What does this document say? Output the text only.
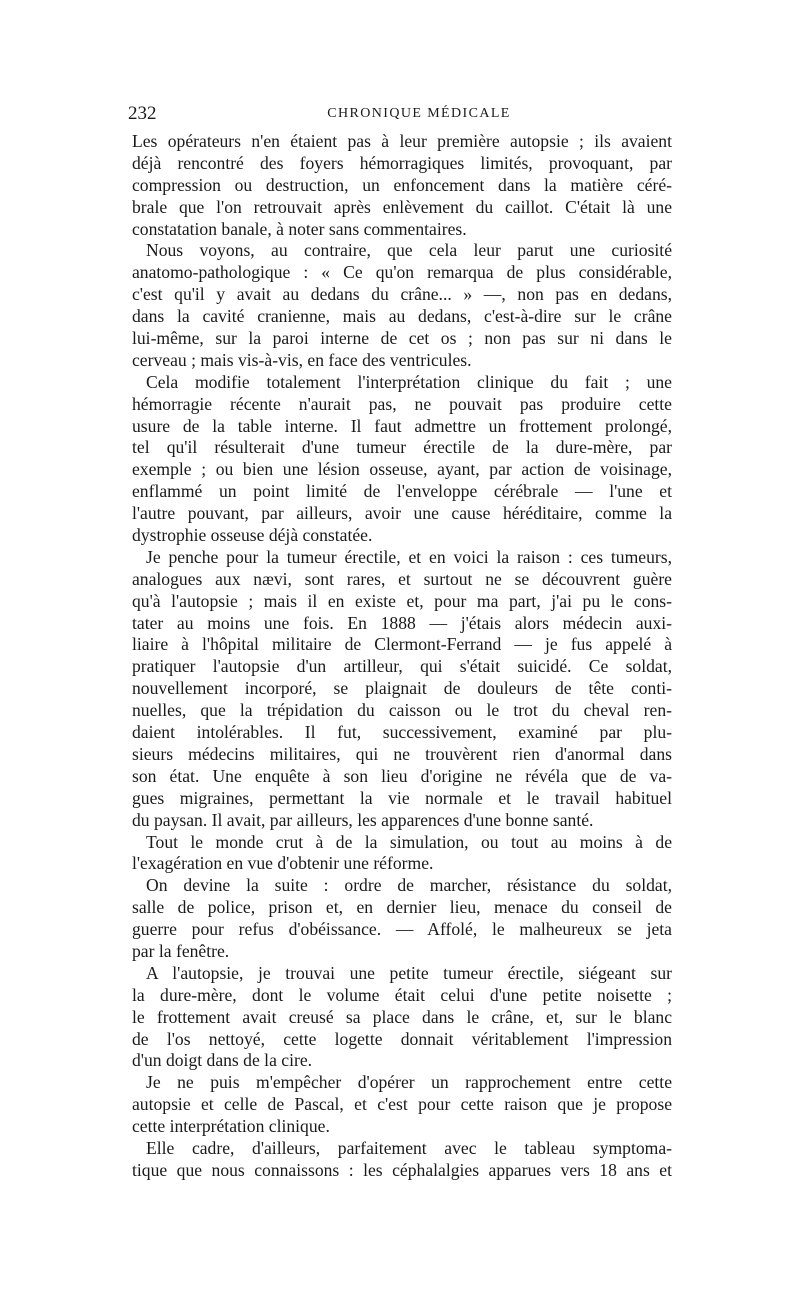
232	CHRONIQUE MÉDICALE
Les opérateurs n'en étaient pas à leur première autopsie ; ils avaient
déjà rencontré des foyers hémorragiques limités, provoquant, par
compression ou destruction, un enfoncement dans la matière céré-
brale que l'on retrouvait après enlèvement du caillot. C'était là une
constatation banale, à noter sans commentaires.
Nous voyons, au contraire, que cela leur parut une curiosité
anatomo-pathologique : « Ce qu'on remarqua de plus considérable,
c'est qu'il y avait au dedans du crâne... » —, non pas en dedans,
dans la cavité cranienne, mais au dedans, c'est-à-dire sur le crâne
lui-même, sur la paroi interne de cet os ; non pas sur ni dans le
cerveau ; mais vis-à-vis, en face des ventricules.
Cela modifie totalement l'interprétation clinique du fait ; une
hémorragie récente n'aurait pas, ne pouvait pas produire cette
usure de la table interne. Il faut admettre un frottement prolongé,
tel qu'il résulterait d'une tumeur érectile de la dure-mère, par
exemple ; ou bien une lésion osseuse, ayant, par action de voisinage,
enflammé un point limité de l'enveloppe cérébrale — l'une et
l'autre pouvant, par ailleurs, avoir une cause héréditaire, comme la
dystrophie osseuse déjà constatée.
Je penche pour la tumeur érectile, et en voici la raison : ces tumeurs,
analogues aux nævi, sont rares, et surtout ne se découvrent guère
qu'à l'autopsie ; mais il en existe et, pour ma part, j'ai pu le cons-
tater au moins une fois. En 1888 — j'étais alors médecin auxi-
liaire à l'hôpital militaire de Clermont-Ferrand — je fus appelé à
pratiquer l'autopsie d'un artilleur, qui s'était suicidé. Ce soldat,
nouvellement incorporé, se plaignait de douleurs de tête conti-
nuelles, que la trépidation du caisson ou le trot du cheval ren-
daient intolérables. Il fut, successivement, examiné par plu-
sieurs médecins militaires, qui ne trouvèrent rien d'anormal dans
son état. Une enquête à son lieu d'origine ne révéla que de va-
gues migraines, permettant la vie normale et le travail habituel
du paysan. Il avait, par ailleurs, les apparences d'une bonne santé.
Tout le monde crut à de la simulation, ou tout au moins à de
l'exagération en vue d'obtenir une réforme.
On devine la suite : ordre de marcher, résistance du soldat,
salle de police, prison et, en dernier lieu, menace du conseil de
guerre pour refus d'obéissance. — Affolé, le malheureux se jeta
par la fenêtre.
A l'autopsie, je trouvai une petite tumeur érectile, siégeant sur
la dure-mère, dont le volume était celui d'une petite noisette ;
le frottement avait creusé sa place dans le crâne, et, sur le blanc
de l'os nettoyé, cette logette donnait véritablement l'impression
d'un doigt dans de la cire.
Je ne puis m'empêcher d'opérer un rapprochement entre cette
autopsie et celle de Pascal, et c'est pour cette raison que je propose
cette interprétation clinique.
Elle cadre, d'ailleurs, parfaitement avec le tableau symptoma-
tique que nous connaissons : les céphalalgies apparues vers 18 ans et
